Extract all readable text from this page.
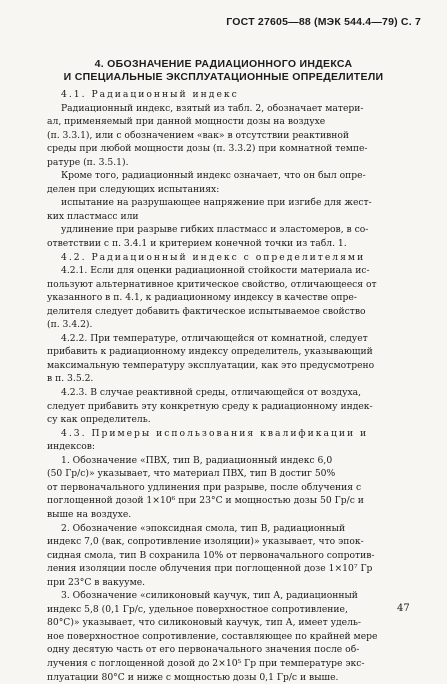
ГОСТ 27605—88 (МЭК 544.4—79) С. 7
4. ОБОЗНАЧЕНИЕ РАДИАЦИОННОГО ИНДЕКСА
И СПЕЦИАЛЬНЫЕ ЭКСПЛУАТАЦИОННЫЕ ОПРЕДЕЛИТЕЛИ

4.1. Радиационный индекс

Радиационный индекс, взятый из табл. 2, обозначает матери-

ал, применяемый при данной мощности дозы на воздухе

(п. 3.3.1), или с обозначением «вак» в отсутствии реактивной

среды при любой мощности дозы (п. 3.3.2) при комнатной темпе-

ратуре (п. 3.5.1).

Кроме того, радиационный индекс означает, что он был опре-

делен при следующих испытаниях:

испытание на разрушающее напряжение при изгибе для жест-

ких пластмасс или

удлинение при разрыве гибких пластмасс и эластомеров, в со-

ответствии с п. 3.4.1 и критерием конечной точки из табл. 1.

4.2. Радиационный индекс с определителями

4.2.1. Если для оценки радиационной стойкости материала ис-

пользуют альтернативное критическое свойство, отличающееся от

указанного в п. 4.1, к радиационному индексу в качестве опре-

делителя следует добавить фактическое испытываемое свойство

(п. 3.4.2).

4.2.2. При температуре, отличающейся от комнатной, следует

прибавить к радиационному индексу определитель, указывающий

максимальную температуру эксплуатации, как это предусмотрено

в п. 3.5.2.

4.2.3. В случае реактивной среды, отличающейся от воздуха,

следует прибавить эту конкретную среду к радиационному индек-

су как определитель.

4.3. Примеры использования квалификации и

индексов:

1. Обозначение «ПВХ, тип В, радиационный индекс 6,0

(50 Гр/с)» указывает, что материал ПВХ, тип В достиг 50%

от первоначального удлинения при разрыве, после облучения с

поглощенной дозой 1×10⁶ при 23°С и мощностью дозы 50 Гр/с и

выше на воздухе.

2. Обозначение «эпоксидная смола, тип В, радиационный

индекс 7,0 (вак, сопротивление изоляции)» указывает, что эпок-

сидная смола, тип В сохранила 10% от первоначального сопротив-

ления изоляции после облучения при поглощенной дозе 1×10⁷ Гр

при 23°С в вакууме.

3. Обозначение «силиконовый каучук, тип А, радиационный

индекс 5,8 (0,1 Гр/с, удельное поверхностное сопротивление,

80°С)» указывает, что силиконовый каучук, тип А, имеет удель-

ное поверхностное сопротивление, составляющее по крайней мере

одну десятую часть от его первоначального значения после об-

лучения с поглощенной дозой до 2×10⁵ Гр при температуре экс-

плуатации 80°С и ниже с мощностью дозы 0,1 Гр/с и выше.

47
